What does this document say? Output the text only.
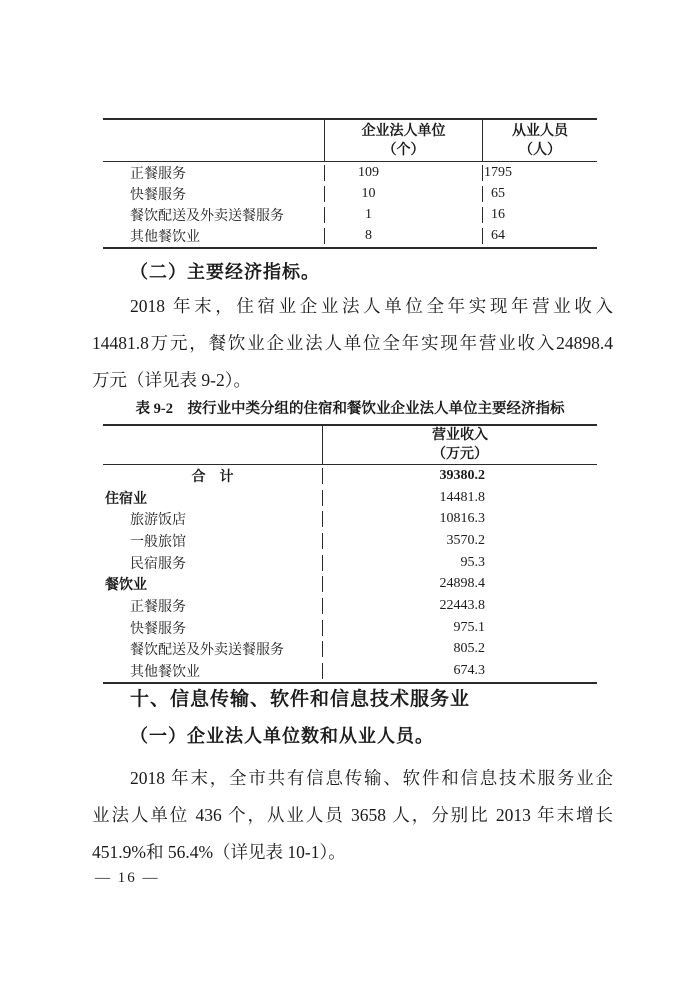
企业法人单位
（个）
从业人员
（人）
正餐服务	109	1795
快餐服务	10	65
餐饮配送及外卖送餐服务	1	16
其他餐饮业	8	64
（二）主要经济指标。
2018 年末，住宿业企业法人单位全年实现年营业收入
14481.8万元，餐饮业企业法人单位全年实现年营业收入24898.4
万元（详见表 9-2）。
表 9-2　按行业中类分组的住宿和餐饮业企业法人单位主要经济指标
营业收入
（万元）
合　计	39380.2
住宿业	14481.8
旅游饭店	10816.3
一般旅馆	3570.2
民宿服务	95.3
餐饮业	24898.4
正餐服务	22443.8
快餐服务	975.1
餐饮配送及外卖送餐服务	805.2
其他餐饮业	674.3
十、信息传输、软件和信息技术服务业
（一）企业法人单位数和从业人员。
2018 年末，全市共有信息传输、软件和信息技术服务业企
业法人单位 436 个，从业人员 3658 人，分别比 2013 年末增长
451.9%和 56.4%（详见表 10-1）。
— 16 —
